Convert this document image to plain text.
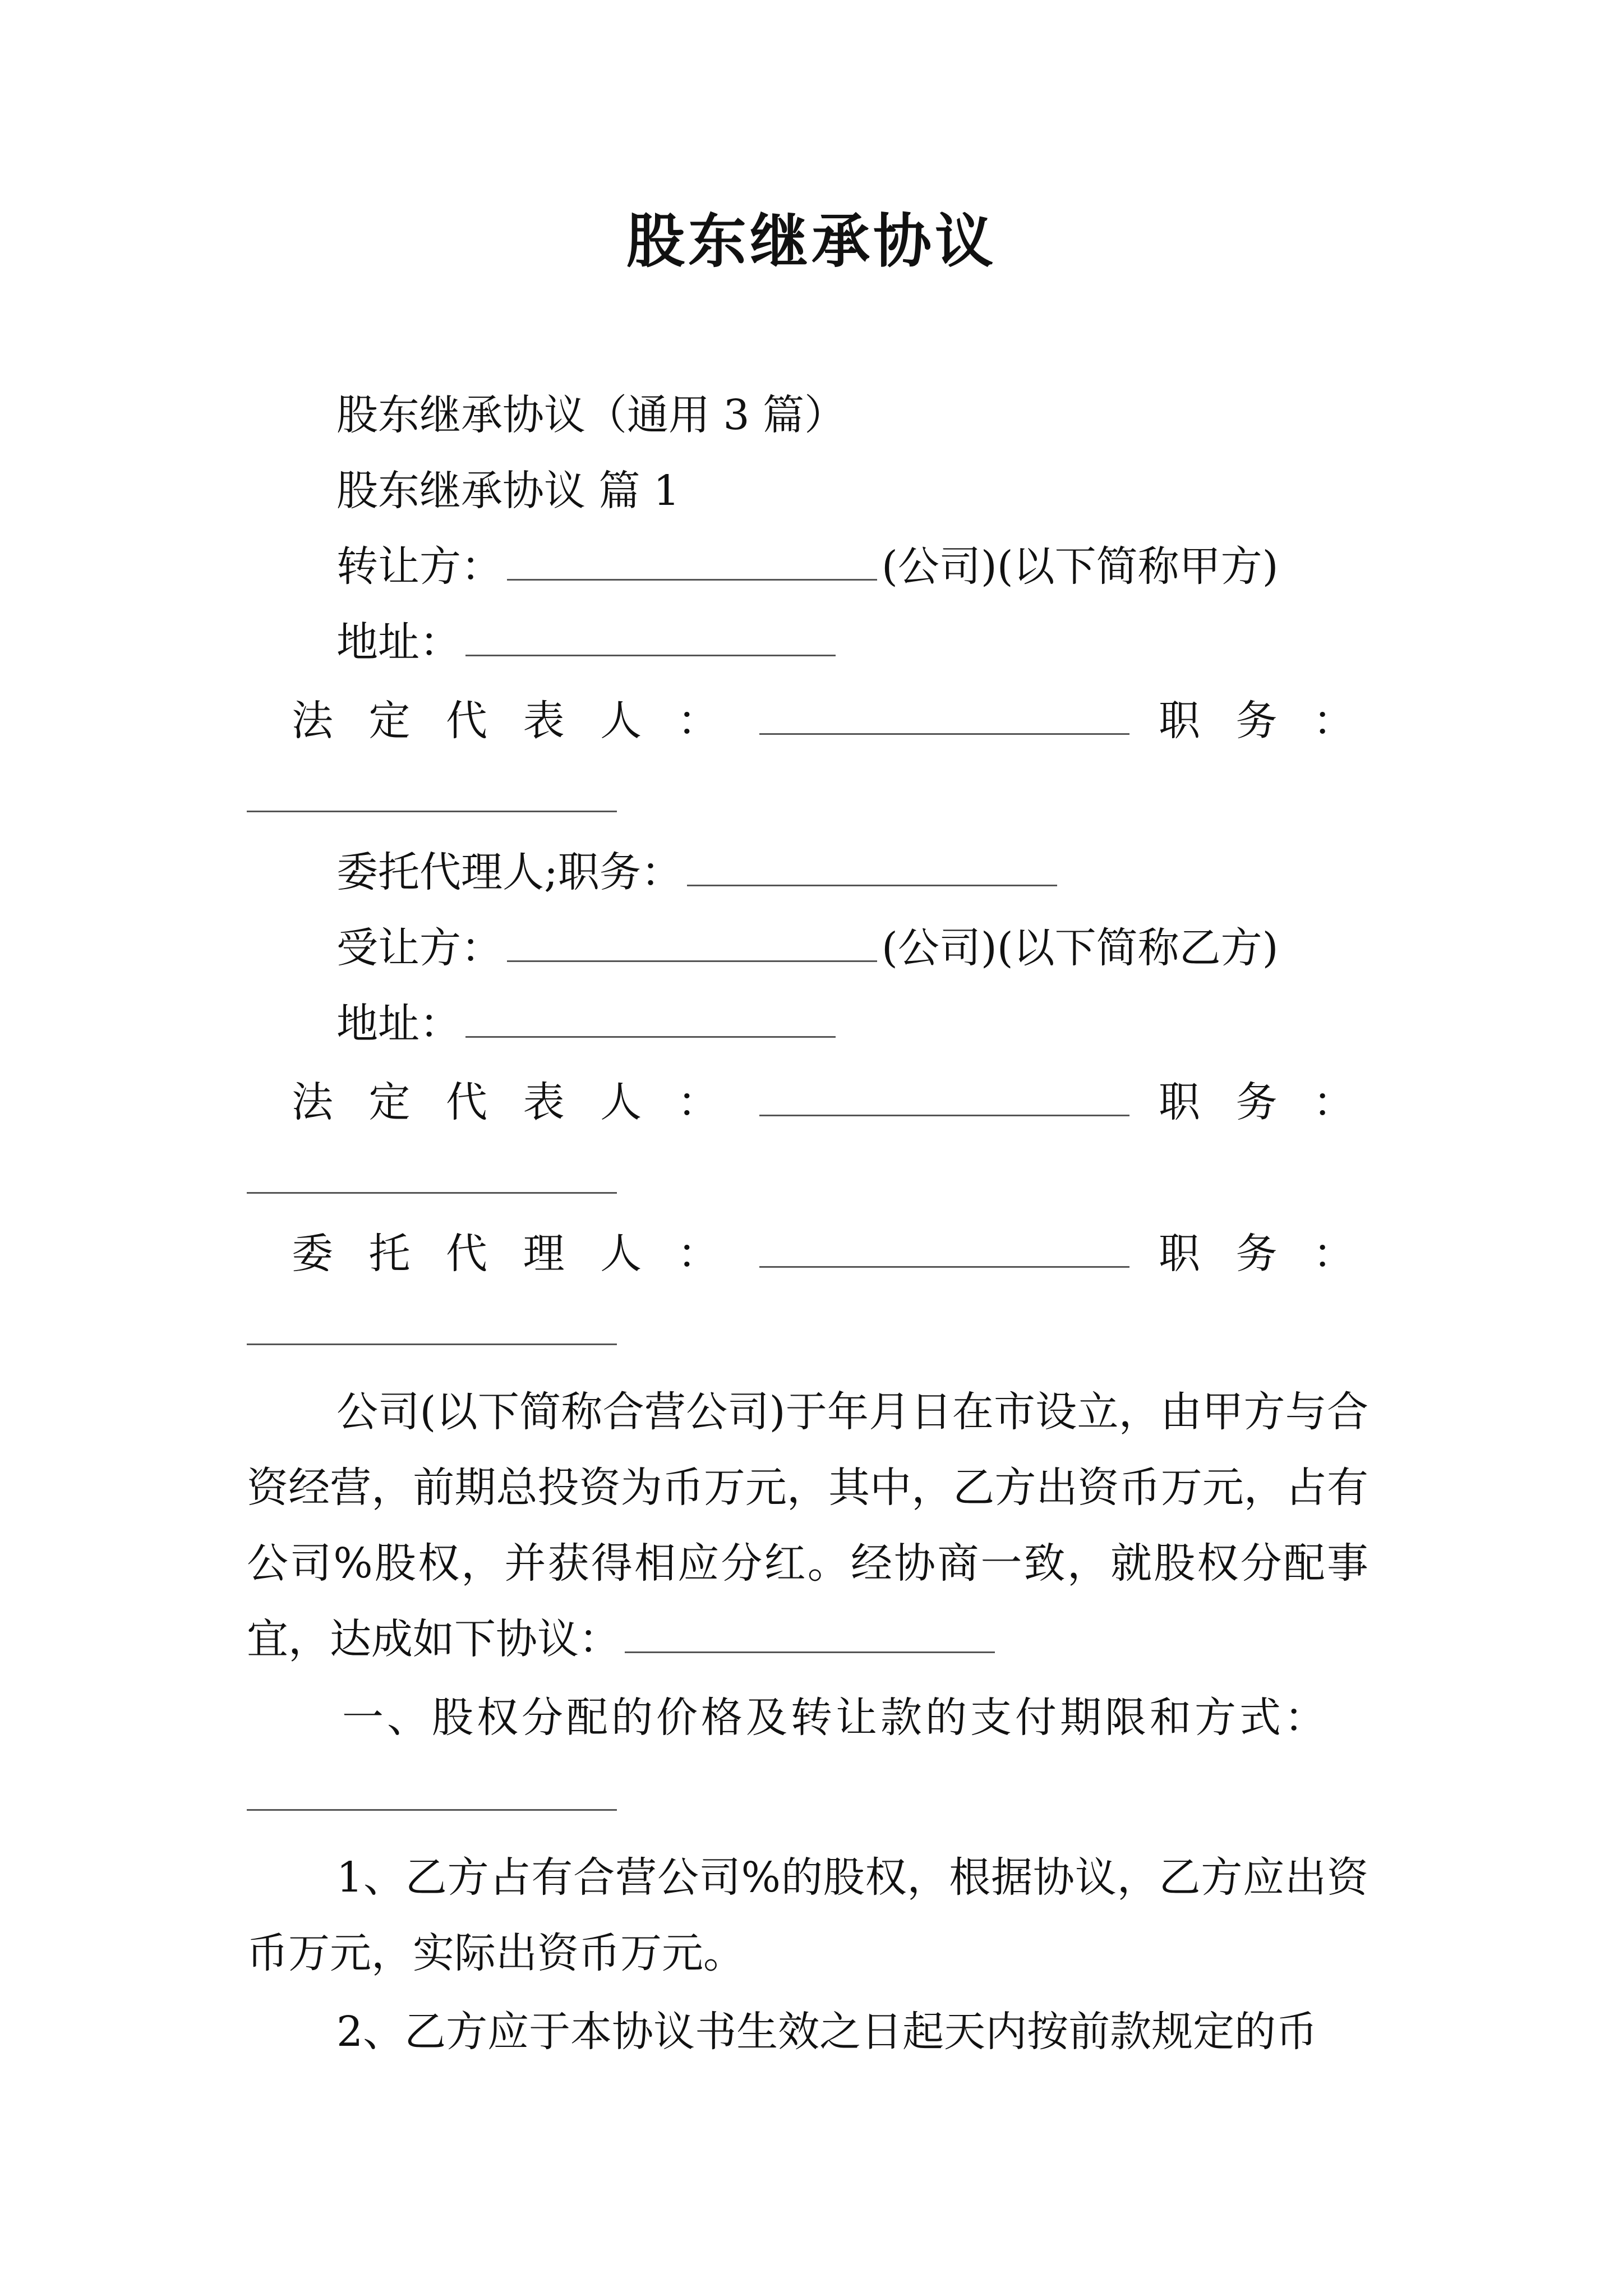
股东继承协议
股东继承协议（通用 3 篇）
股东继承协议 篇 1
转让方：	(公司)(以下简称甲方)
地址：
法 定 代 表 人 ：	职 务 ：
委托代理人;职务：
受让方：	(公司)(以下简称乙方)
地址：
法 定 代 表 人 ：	职 务 ：
委 托 代 理 人 ：	职 务 ：
公司(以下简称合营公司)于年月日在市设立，由甲方与合资经营，前期总投资为币万元，其中，乙方出资币万元，占有公司%股权，并获得相应分红。经协商一致，就股权分配事宜，达成如下协议：
一、股权分配的价格及转让款的支付期限和方式：
1、乙方占有合营公司%的股权，根据协议，乙方应出资币万元，实际出资币万元。
2、乙方应于本协议书生效之日起天内按前款规定的币
